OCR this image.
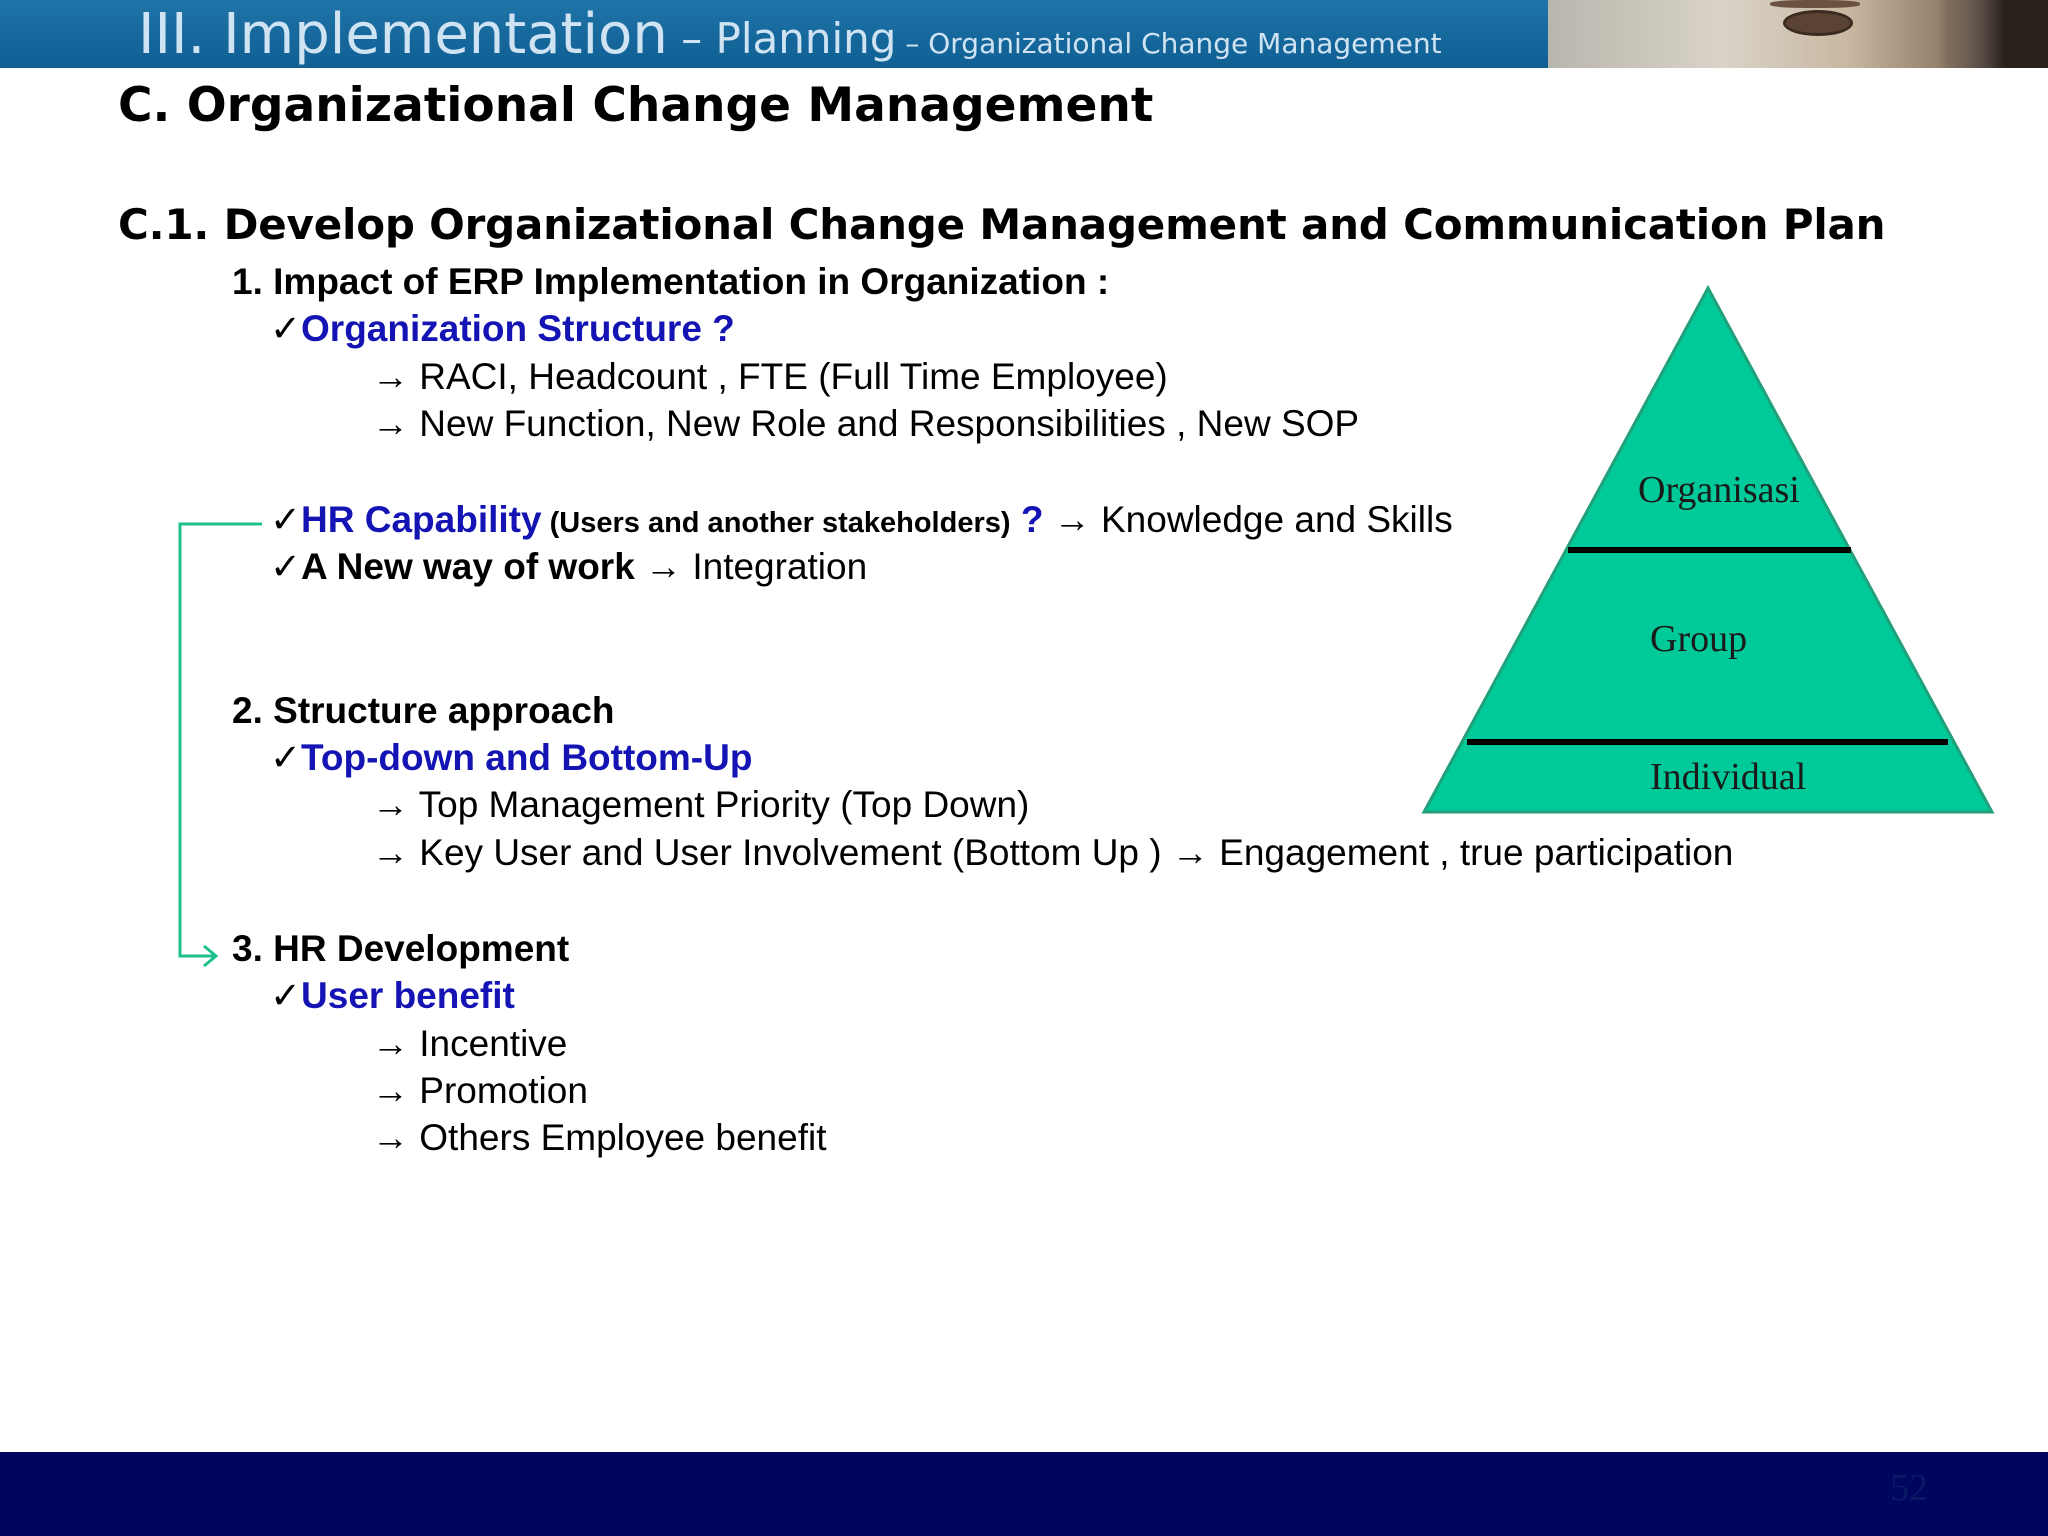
III. Implementation – Planning – Organizational Change Management
C. Organizational Change Management
C.1. Develop Organizational Change Management and Communication Plan
1. Impact of ERP Implementation in Organization :
✓Organization Structure ?
→ RACI, Headcount , FTE (Full Time Employee)
→ New Function, New Role and Responsibilities , New SOP
✓HR Capability (Users and another stakeholders) ? → Knowledge and Skills
✓A New way of work → Integration
2. Structure approach
✓Top-down and Bottom-Up
→ Top Management Priority (Top Down)
→ Key User and User Involvement (Bottom Up ) → Engagement , true participation
3. HR Development
✓User benefit
→ Incentive
→ Promotion
→ Others Employee benefit
Organisasi
Group
Individual
52
